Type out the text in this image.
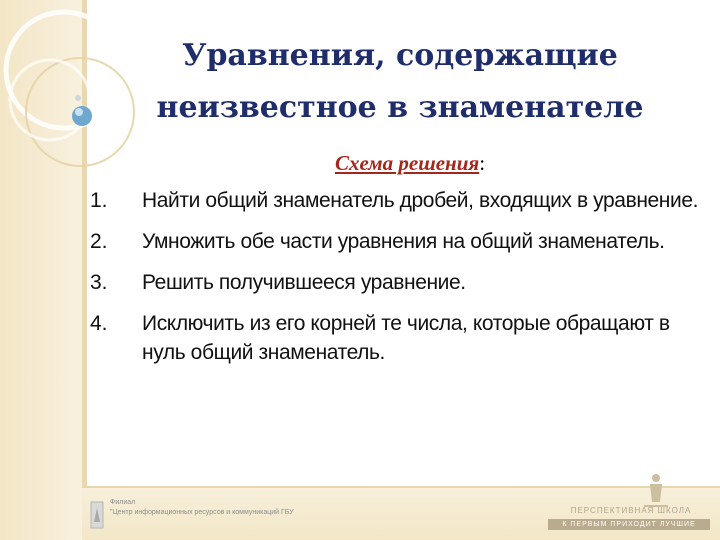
Уравнения, содержащие неизвестное в знаменателе
Схема решения:
1. Найти общий знаменатель дробей, входящих в уравнение.
2. Умножить обе части уравнения на общий знаменатель.
3. Решить получившееся уравнение.
4. Исключить из его корней те числа, которые обращают в нуль общий знаменатель.
Филиал
"Центр информационных ресурсов и коммуникаций ГБУ	ПЕРСПЕКТИВНАЯ ШКОЛА
К ПЕРВЫМ ПРИХОДИТ ЛУЧШИЕ
